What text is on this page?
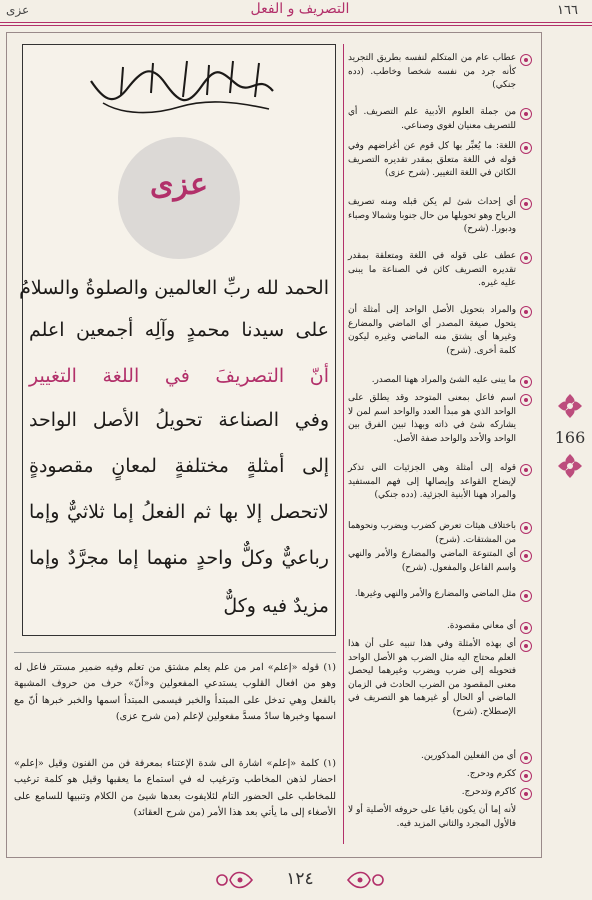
عزى	التصريف و الفعل	١٦٦
بسم الله الرحمن الرحيم
عزى
الحمد لله ربِّ العالمين والصلوةُ والسلامُ
على سيدنا محمدٍ وآلِه أجمعين اعلم
أنّ التصريفَ في اللغة التغيير
وفي الصناعة تحويلُ الأصل الواحد
إلى أمثلةٍ مختلفةٍ لمعانٍ مقصودةٍ
لاتحصل إلا بها ثم الفعلُ إما ثلاثيٌّ وإما
رباعيٌّ وكلٌّ واحدٍ منهما إما مجرَّدٌ وإما
مزيدٌ فيه وكلٌّ
عطاب عام من المتكلم لنفسه بطريق التجريد كأنه جرد من نفسه شخصا وخاطب. (دده جنكي)
من جملة العلوم الأدبية علم التصريف. أي للتصريف معنيان لغوي وصناعي.
اللغة: ما يُعبِّر بها كل قوم عن أغراضهم وفي قوله في اللغة متعلق بمقدر تقديره التصريف الكائن في اللغة التغيير. (شرح عزى)
أي إحداث شئ لم يكن قبله ومنه تصريف الرياح وهو تحويلها من حال جنوبا وشمالا وصباء ودبورا. (شرح)
عطف على قوله في اللغة ومتعلقة بمقدر تقديره التصريف كائن في الصناعة ما يبنى عليه غيره.
والمراد بتحويل الأصل الواحد إلى أمثلة أن يتحول صيغة المصدر أي الماضي والمضارع وغيرها أي يشتق منه الماضي وغيره ليكون كلمة أخرى. (شرح)
ما يبنى عليه الشئ والمراد ههنا المصدر.
اسم فاعل بمعنى المتوحد وقد يطلق على الواحد الذي هو مبدأ العدد والواحد اسم لمن لا يشاركه شئ في ذاته وبهذا تبين الفرق بين الواحد والأحد والواحد صفة الأصل.
قوله إلى أمثلة وهي الجزئيات التي تذكر لإيضاح القواعد وإيصالها إلى فهم المستفيد والمراد ههنا الأبنية الجزئية. (دده جنكي)
باختلاف هيئات تعرض كضرب ويضرب ونحوهما من المشتقات. (شرح)
أي المتنوعة الماضي والمضارع والأمر والنهي واسم الفاعل والمفعول. (شرح)
مثل الماضي والمضارع والأمر والنهي وغيرها.
أي معاني مقصودة.
أي بهذه الأمثلة وفي هذا تنبيه على أن هذا العلم محتاج اليه مثل الضرب هو الأصل الواحد فتحويله إلى ضرب ويضرب وغيرهما ليحصل معنى المقصود من الضرب الحادث في الزمان الماضي أو الحال أو غيرهما هو التصريف في الإصطلاح. (شرح)
أي من الفعلين المذكورين.
ككرم ودحرج.
كاكرم وتدحرج.
لأنه إما أن يكون باقيا على حروفه الأصلية أو لا فالأول المجرد والثاني المزيد فيه.
(١) قوله «إعلم» امر من علم يعلم مشتق من تعلم وفيه ضمير مستتر فاعل له وهو من افعال القلوب يستدعي المفعولين و«أنّ» حرف من حروف المشبهة بالفعل وهي تدخل على المبتدأ والخبر فيسمى المبتدأ اسمها والخبر خبرها أنّ مع اسمها وخبرها سادٌ مسدَّ مفعولين لإعلم (من شرح عزى)
(١) كلمة «إعلم» اشارة الى شدة الإعتناء بمعرفة فن من الفنون وقيل «إعلم» احضار لذهن المخاطب وترغيب له في استماع ما يعقبها وقيل هو كلمة ترغيب للمخاطب على الحضور التام لئلايفوت بعدها شيئ من الكلام وتنبيها للسامع على الأصغاء إلى ما يأتي بعد هذا الأمر (من شرح العقائد)
166
١٢٤
